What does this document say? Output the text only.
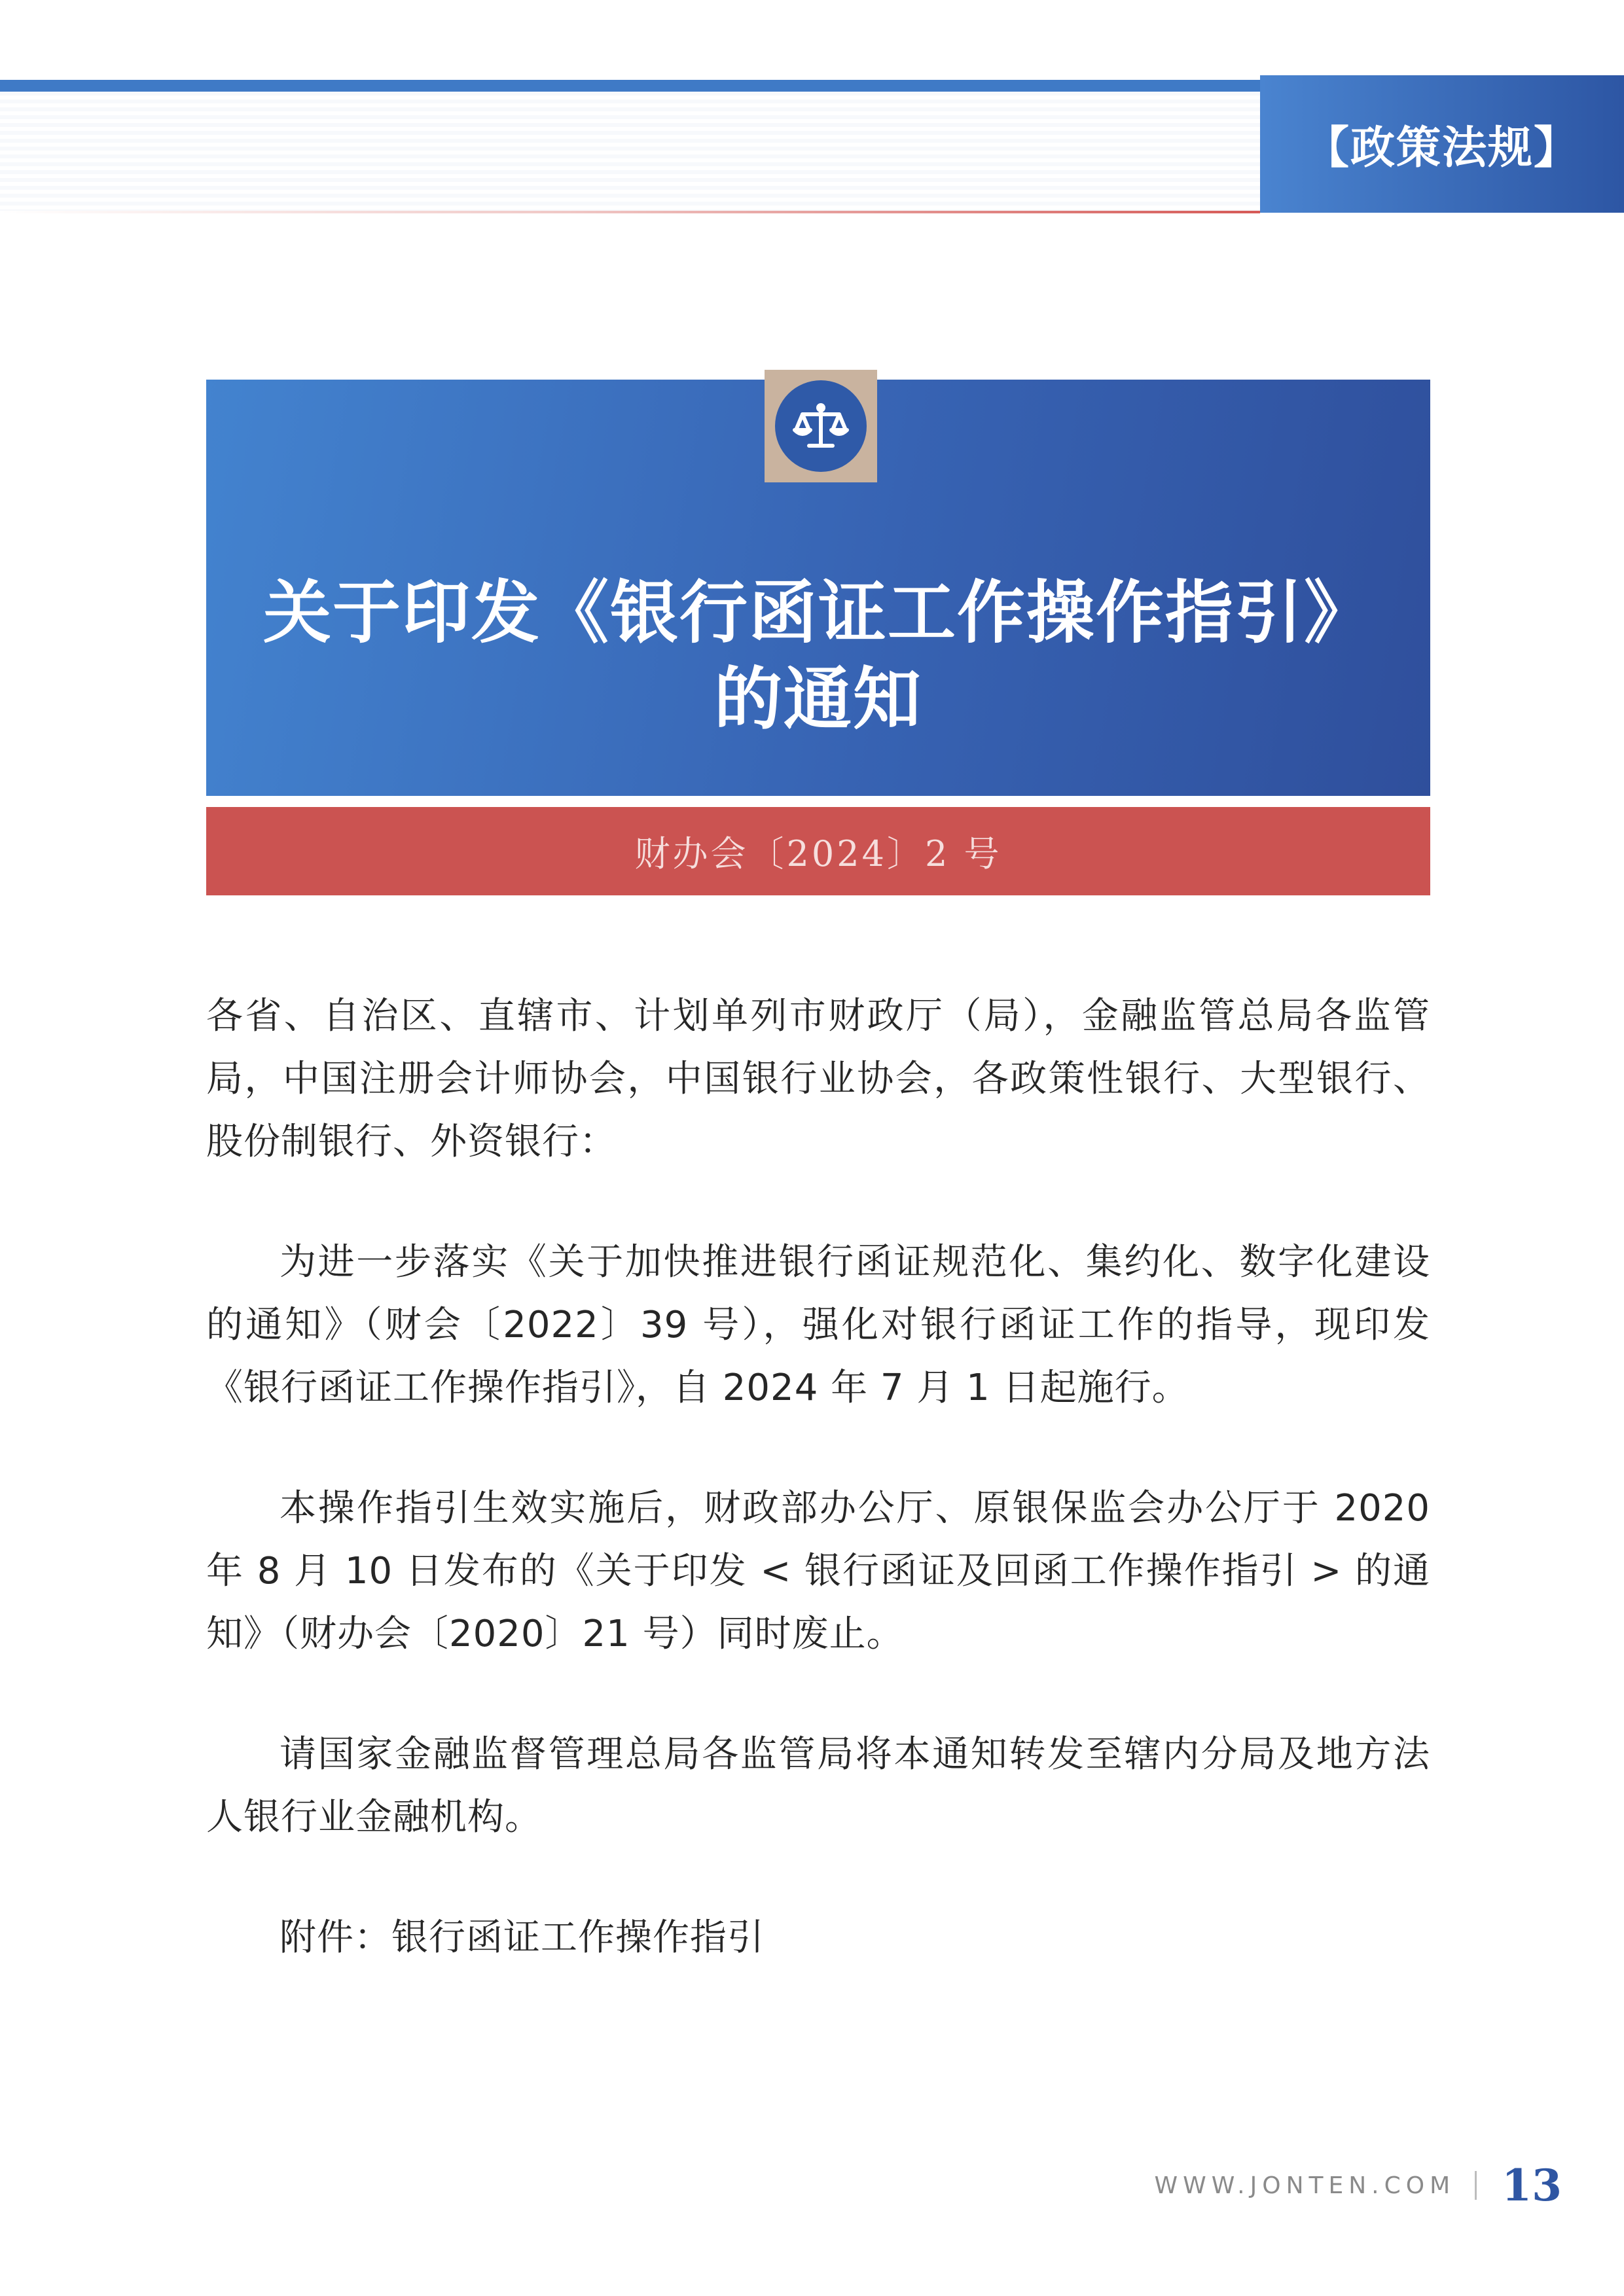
【政策法规】
关于印发《银行函证工作操作指引》
的通知
财办会〔2024〕2 号

各省、自治区、直辖市、计划单列市财政厅（局），金融监管总局各监管局，中国注册会计师协会，中国银行业协会，各政策性银行、大型银行、股份制银行、外资银行：

为进一步落实《关于加快推进银行函证规范化、集约化、数字化建设的通知》（财会〔2022〕39 号），强化对银行函证工作的指导，现印发《银行函证工作操作指引》，自 2024 年 7 月 1 日起施行。

本操作指引生效实施后，财政部办公厅、原银保监会办公厅于 2020 年 8 月 10 日发布的《关于印发 < 银行函证及回函工作操作指引 > 的通知》（财办会〔2020〕21 号）同时废止。

请国家金融监督管理总局各监管局将本通知转发至辖内分局及地方法人银行业金融机构。

附件：银行函证工作操作指引

WWW.JONTEN.COM 13
